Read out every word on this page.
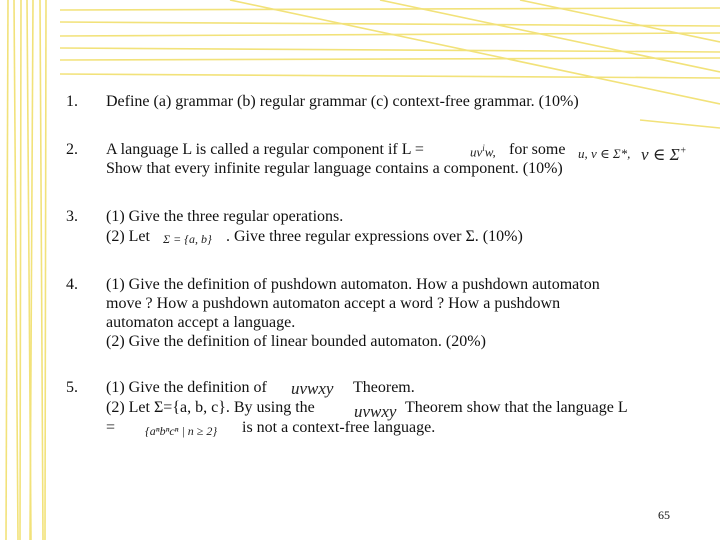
1. Define (a) grammar (b) regular grammar (c) context-free grammar. (10%)
2. A language L is called a regular component if L =	$uv^iw$, for some u, v ∈ Σ*, v ∈ Σ+
Show that every infinite regular language contains a component. (10%)
3. (1) Give the three regular operations.
(2) Let Σ = {a, b} . Give three regular expressions over Σ. (10%)
4. (1) Give the definition of pushdown automaton. How a pushdown automaton
move ? How a pushdown automaton accept a word ? How a pushdown
automaton accept a language.
(2) Give the definition of linear bounded automaton. (20%)
5. (1) Give the definition of uvwxy Theorem.
(2) Let Σ={a, b, c}. By using the uvwxy Theorem show that the language L
= {aⁿbⁿcⁿ | n ≥ 2} is not a context-free language.
65
